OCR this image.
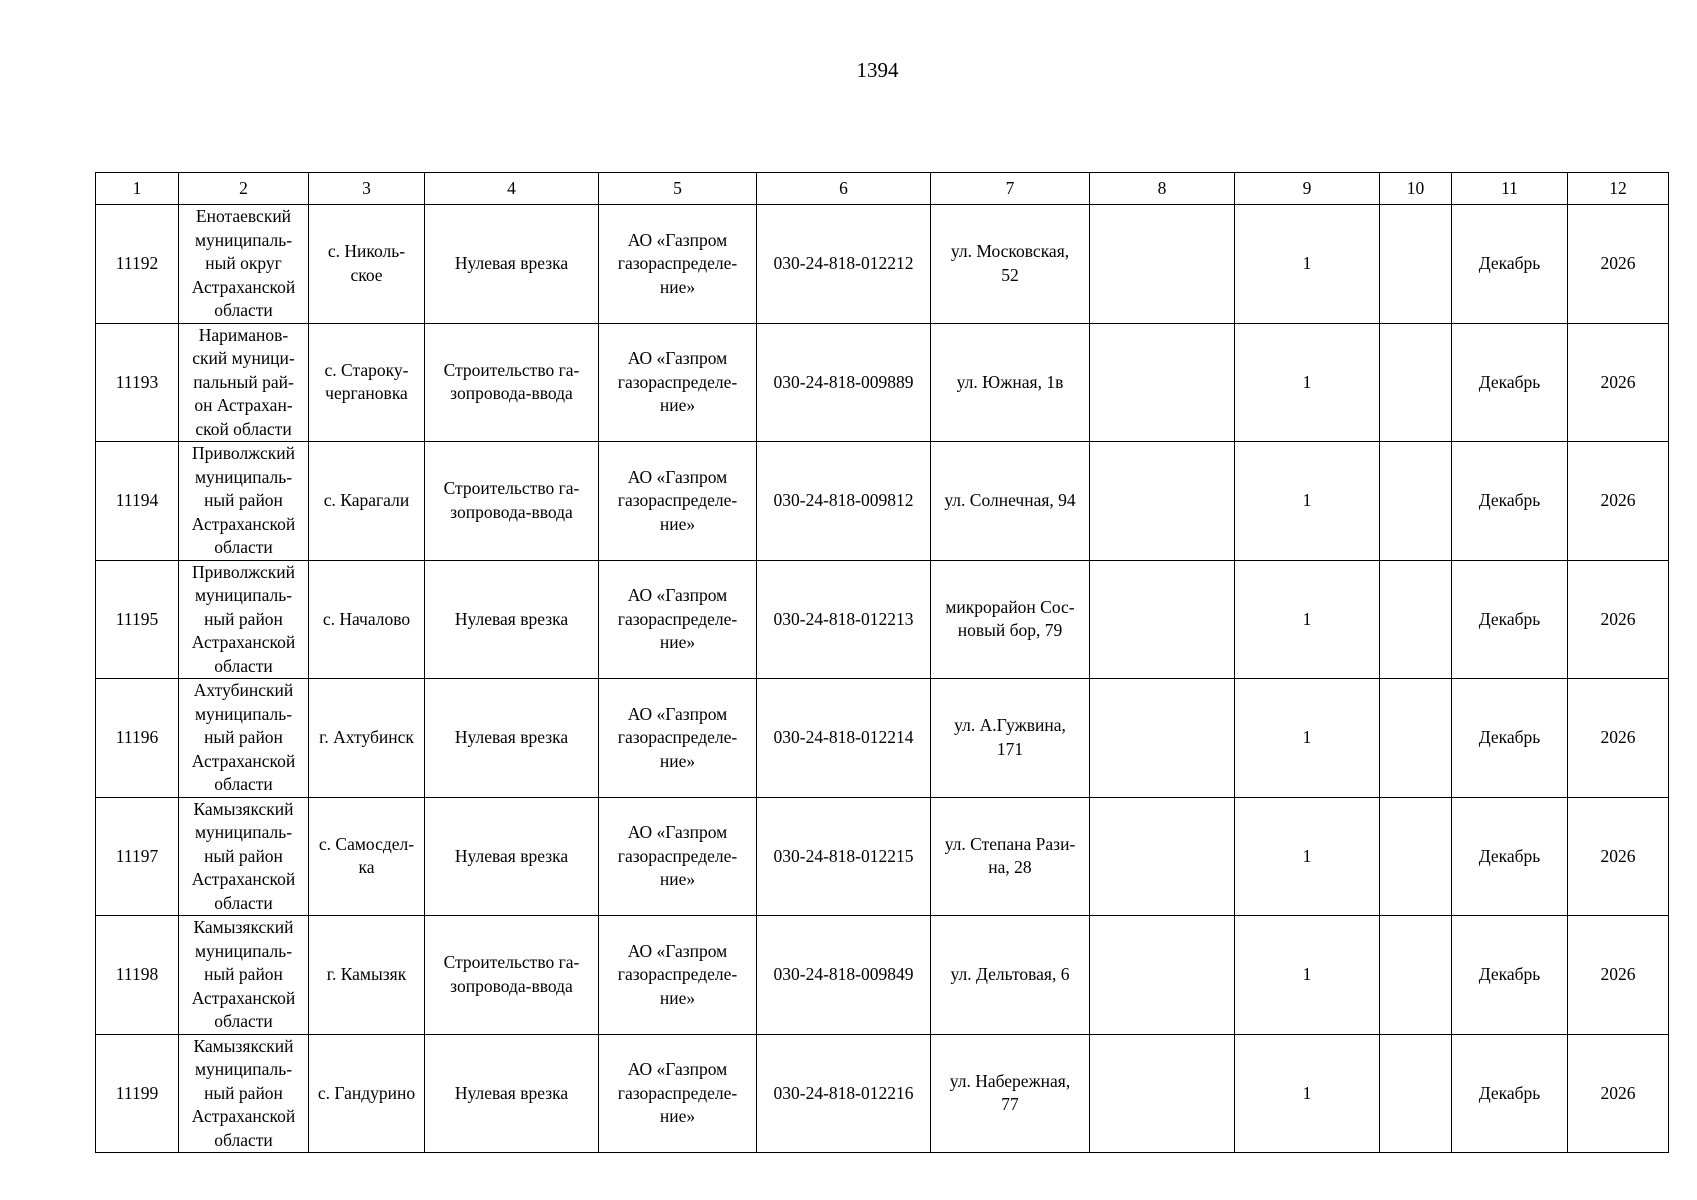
1394
1	2	3	4	5	6	7	8	9	10	11	12

11192	Енотаевский
муниципаль-
ный округ
Астраханской
области	с. Николь-
ское	Нулевая врезка	АО «Газпром
газораспределе-
ние»	030-24-818-012212	ул. Московская,
52		1		Декабрь	2026

11193	Нариманов-
ский муници-
пальный рай-
он Астрахан-
ской области	с. Староку-
чергановка	Строительство га-
зопровода-ввода	АО «Газпром
газораспределе-
ние»	030-24-818-009889	ул. Южная, 1в		1		Декабрь	2026

11194	Приволжский
муниципаль-
ный район
Астраханской
области	с. Карагали	Строительство га-
зопровода-ввода	АО «Газпром
газораспределе-
ние»	030-24-818-009812	ул. Солнечная, 94		1		Декабрь	2026

11195	Приволжский
муниципаль-
ный район
Астраханской
области	с. Началово	Нулевая врезка	АО «Газпром
газораспределе-
ние»	030-24-818-012213	микрорайон Сос-
новый бор, 79		1		Декабрь	2026

11196	Ахтубинский
муниципаль-
ный район
Астраханской
области	г. Ахтубинск	Нулевая врезка	АО «Газпром
газораспределе-
ние»	030-24-818-012214	ул. А.Гужвина,
171		1		Декабрь	2026

11197	Камызякский
муниципаль-
ный район
Астраханской
области	с. Самосдел-
ка	Нулевая врезка	АО «Газпром
газораспределе-
ние»	030-24-818-012215	ул. Степана Рази-
на, 28		1		Декабрь	2026

11198	Камызякский
муниципаль-
ный район
Астраханской
области	г. Камызяк	Строительство га-
зопровода-ввода	АО «Газпром
газораспределе-
ние»	030-24-818-009849	ул. Дельтовая, 6		1		Декабрь	2026

11199	Камызякский
муниципаль-
ный район
Астраханской
области	с. Гандурино	Нулевая врезка	АО «Газпром
газораспределе-
ние»	030-24-818-012216	ул. Набережная,
77		1		Декабрь	2026
